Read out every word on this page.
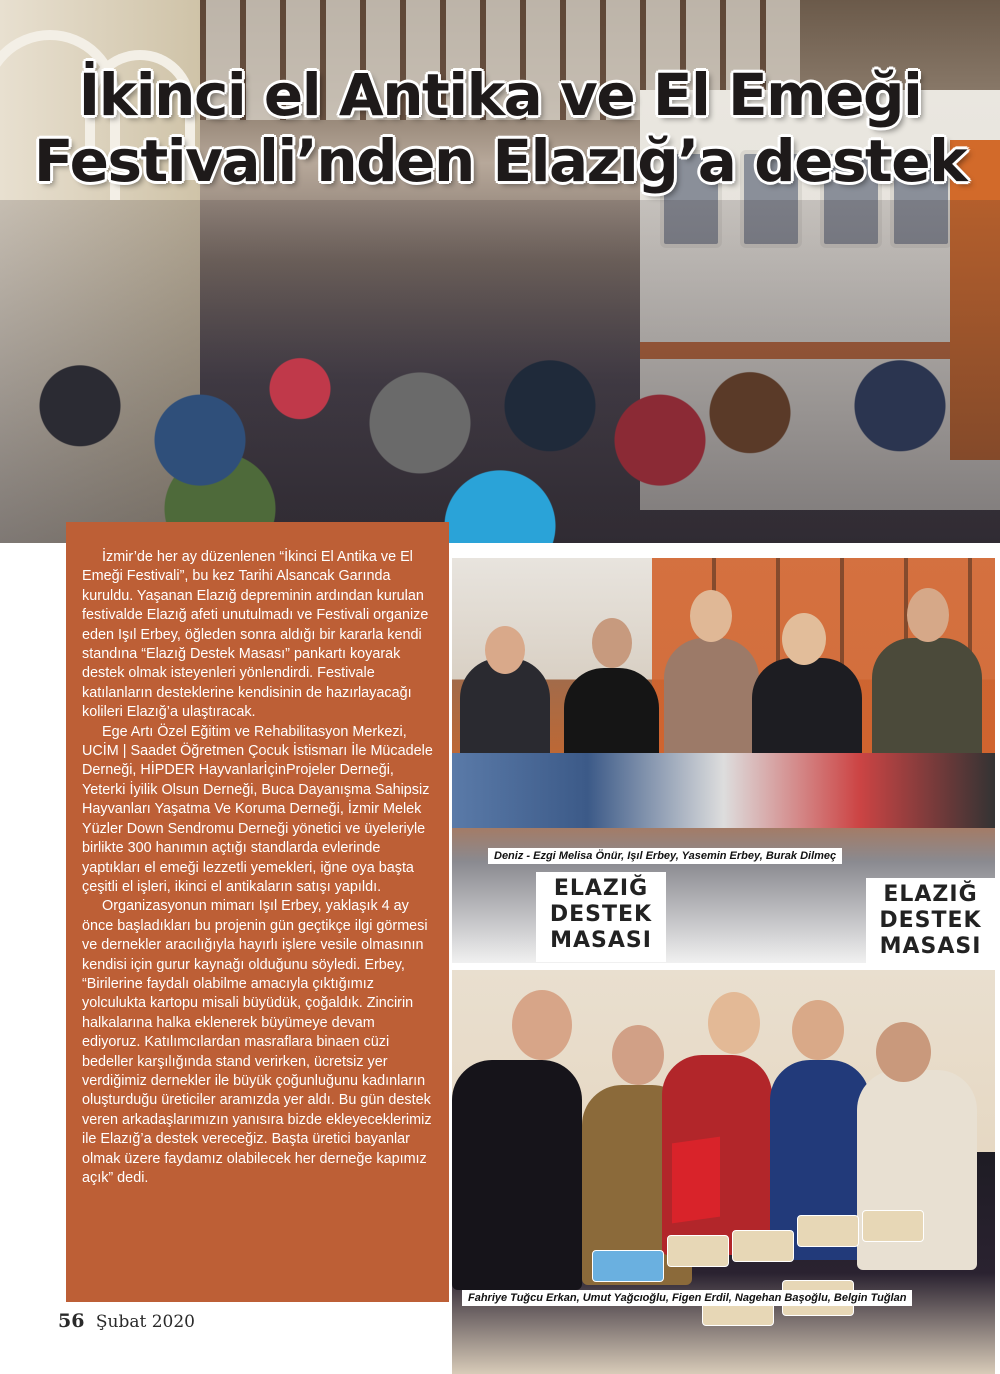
İkinci el Antika ve El Emeği
Festivali’nden Elazığ’a destek

İzmir’de her ay düzenlenen “İkinci El Antika ve El Emeği Festivali”, bu kez Tarihi Alsancak Garında kuruldu. Yaşanan Elazığ depreminin ardından kurulan festivalde Elazığ afeti unutulmadı ve Festivali organize eden Işıl Erbey, öğleden sonra aldığı bir kararla kendi standına “Elazığ Destek Masası” pankartı koyarak destek olmak isteyenleri yönlendirdi. Festivale katılanların desteklerine kendisinin de hazırlayacağı kolileri Elazığ’a ulaştıracak.

Ege Artı Özel Eğitim ve Rehabilitasyon Merkezi, UCİM | Saadet Öğretmen Çocuk İstismarı İle Mücadele Derneği, HİPDER HayvanlarİçinProjeler Derneği, Yeterki İyilik Olsun Derneği, Buca Dayanışma Sahipsiz Hayvanları Yaşatma Ve Koruma Derneği, İzmir Melek Yüzler Down Sendromu Derneği yönetici ve üyeleriyle birlikte 300 hanımın açtığı standlarda evlerinde yaptıkları el emeği lezzetli yemekleri, iğne oya başta çeşitli el işleri, ikinci el antikaların satışı yapıldı.

Organizasyonun mimarı Işıl Erbey, yaklaşık 4 ay önce başladıkları bu projenin gün geçtikçe ilgi görmesi ve dernekler aracılığıyla hayırlı işlere vesile olmasının kendisi için gurur kaynağı olduğunu söyledi. Erbey, “Birilerine faydalı olabilme amacıyla çıktığımız yolculukta kartopu misali büyüdük, çoğaldık. Zincirin halkalarına halka eklenerek büyümeye devam ediyoruz. Katılımcılardan masraflara binaen cüzi bedeller karşılığında stand verirken, ücretsiz yer verdiğimiz dernekler ile büyük çoğunluğunu kadınların oluşturduğu üreticiler aramızda yer aldı. Bu gün destek veren arkadaşlarımızın yanısıra bizde ekleyeceklerimiz ile Elazığ’a destek vereceğiz. Başta üretici bayanlar olmak üzere faydamız olabilecek her derneğe kapımız açık” dedi.

ELAZIĞ
DESTEK
MASASI
ELAZIĞ
DESTEK
MASASI
Deniz - Ezgi Melisa Önür, Işıl Erbey, Yasemin Erbey, Burak Dilmeç
Fahriye Tuğcu Erkan, Umut Yağcıoğlu, Figen Erdil, Nagehan Başoğlu, Belgin Tuğlan
56 Şubat 2020
